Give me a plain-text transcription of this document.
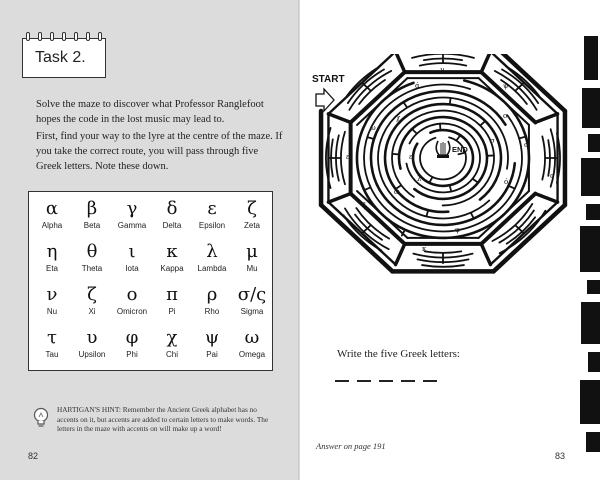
Task 2.

Solve the maze to discover what Professor Ranglefoot hopes the code in the lost music may lead to.

First, find your way to the lyre at the centre of the maze. If you take the correct route, you will pass through five Greek letters. Note these down.

α
Alpha
β
Beta
γ
Gamma
δ
Delta
ε
Epsilon
ζ
Zeta
η
Eta
θ
Theta
ι
Iota
κ
Kappa
λ
Lambda
μ
Mu
ν
Nu
ζ
Xi
ο
Omicron
π
Pi
ρ
Rho
σ/ς
Sigma
τ
Tau
υ
Upsilon
φ
Phi
χ
Chi
ψ
Pai
ω
Omega

HARTIGAN'S HINT: Remember the Ancient Greek alphabet has no accents on it, but accents are added to certain letters to make words. The letters in the maze with accents on will make up a word!

82
START
END
γ
ψ
ά
ώ
χ	ο
σ
σ
ε
ώ
λ
ζ
ό
ς
φ
κ
ε
Write the five Greek letters:
Answer on page 191
83
